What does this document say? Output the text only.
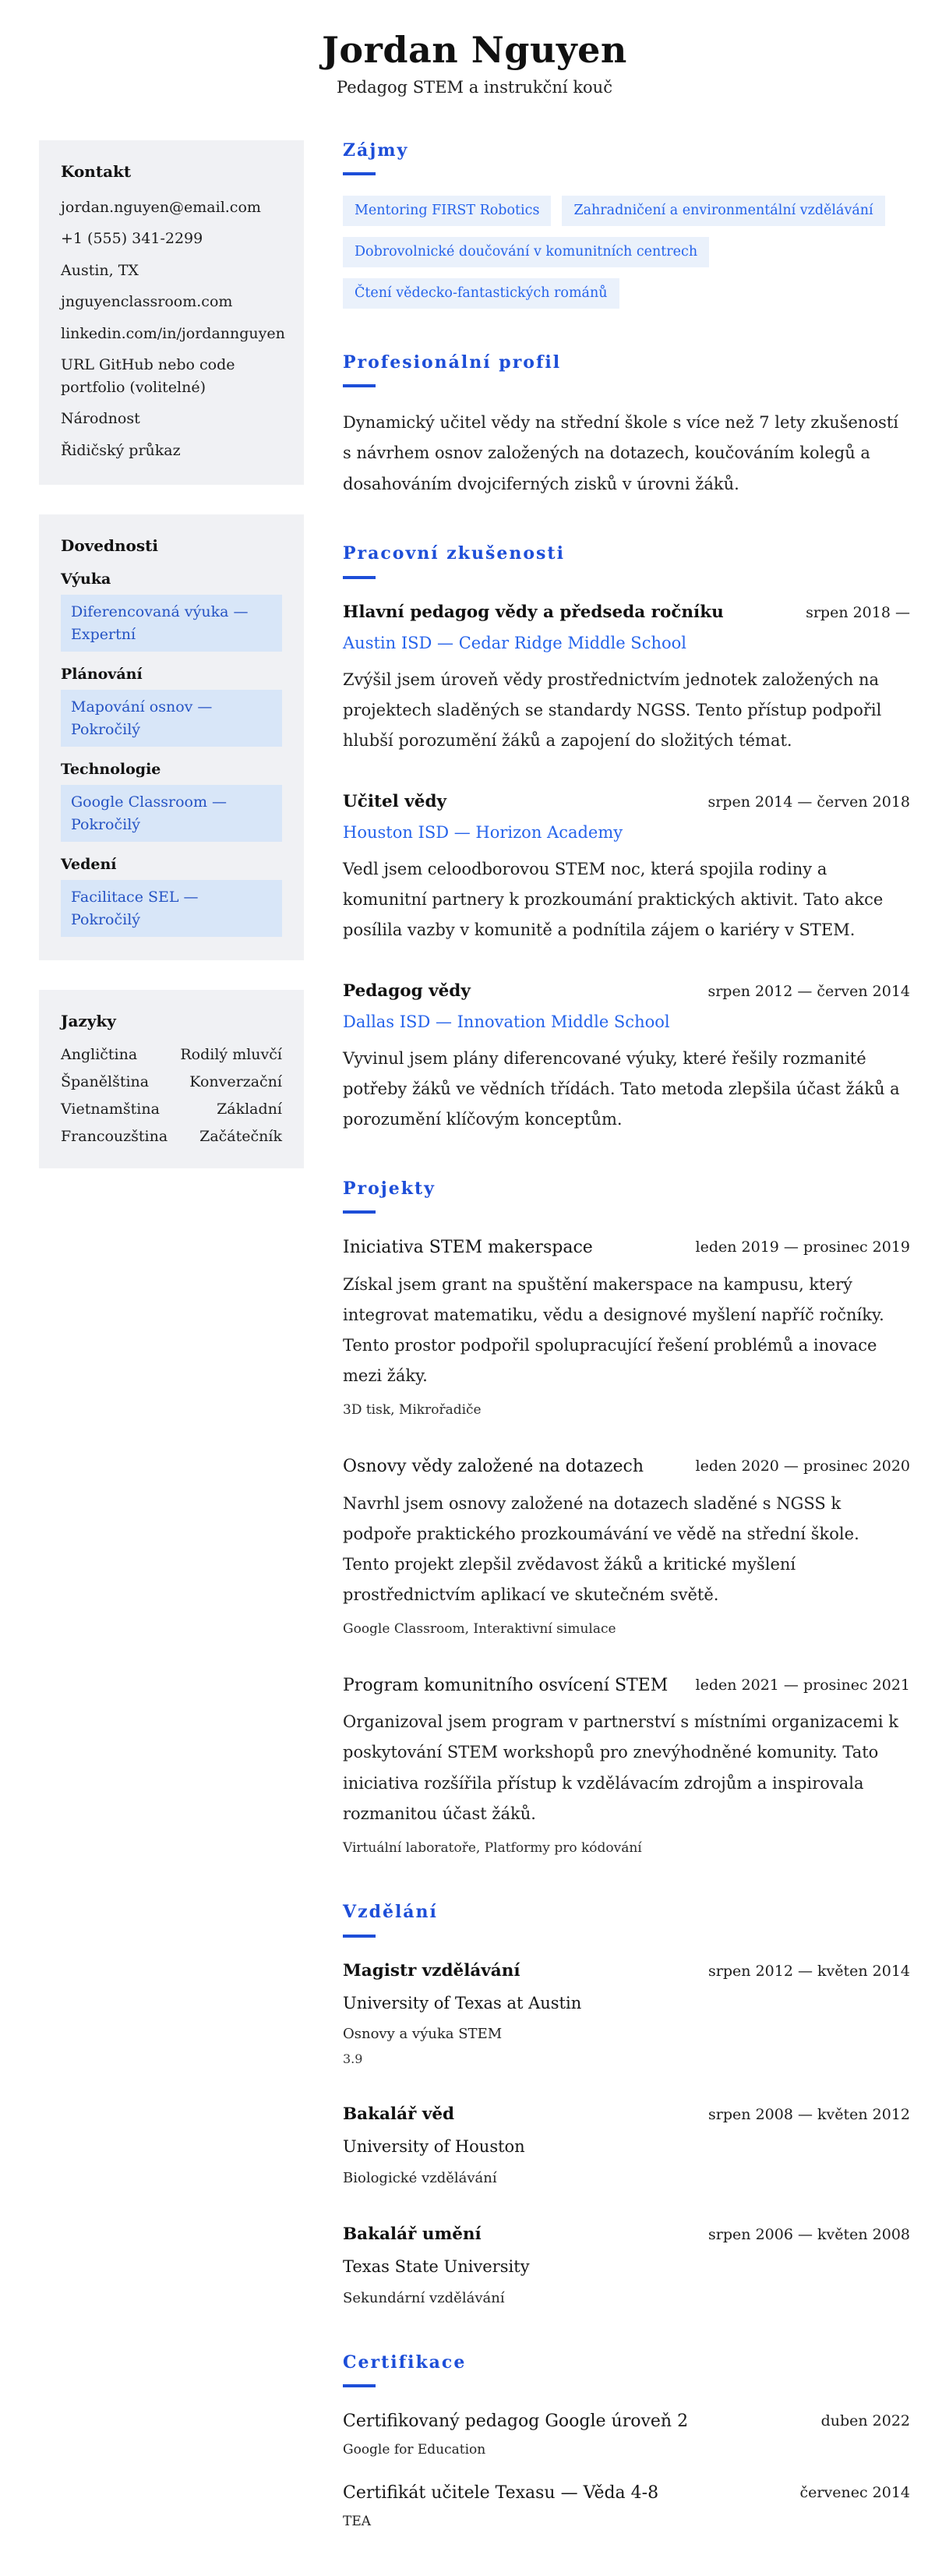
Jordan Nguyen
Pedagog STEM a instrukční kouč
Kontakt
jordan.nguyen@email.com
+1 (555) 341-2299
Austin, TX
jnguyenclassroom.com
linkedin.com/in/jordannguyen
URL GitHub nebo code portfolio (volitelné)
Národnost
Řidičský průkaz
Dovednosti
Výuka
Diferencovaná výuka — Expertní
Plánování
Mapování osnov — Pokročilý
Technologie
Google Classroom — Pokročilý
Vedení
Facilitace SEL — Pokročilý
Jazyky
Angličtina	Rodilý mluvčí
Španělština	Konverzační
Vietnamština	Základní
Francouzština Začátečník
Zájmy
Mentoring FIRST Robotics	Zahradničení a environmentální vzdělávání
Dobrovolnické doučování v komunitních centrech
Čtení vědecko-fantastických románů
Profesionální profil

Dynamický učitel vědy na střední škole s více než 7 lety zkušeností s návrhem osnov založených na dotazech, koučováním kolegů a dosahováním dvojciferných zisků v úrovni žáků.

Pracovní zkušenosti
Hlavní pedagog vědy a předseda ročníku	srpen 2018 —
Austin ISD — Cedar Ridge Middle School
Zvýšil jsem úroveň vědy prostřednictvím jednotek založených na projektech sladěných se standardy NGSS. Tento přístup podpořil hlubší porozumění žáků a zapojení do složitých témat.
Učitel vědy	srpen 2014 — červen 2018
Houston ISD — Horizon Academy
Vedl jsem celoodborovou STEM noc, která spojila rodiny a komunitní partnery k prozkoumání praktických aktivit. Tato akce posílila vazby v komunitě a podnítila zájem o kariéry v STEM.
Pedagog vědy	srpen 2012 — červen 2014
Dallas ISD — Innovation Middle School
Vyvinul jsem plány diferencované výuky, které řešily rozmanité potřeby žáků ve vědních třídách. Tato metoda zlepšila účast žáků a porozumění klíčovým konceptům.
Projekty
Iniciativa STEM makerspace	leden 2019 — prosinec 2019
Získal jsem grant na spuštění makerspace na kampusu, který integrovat matematiku, vědu a designové myšlení napříč ročníky. Tento prostor podpořil spolupracující řešení problémů a inovace mezi žáky.
3D tisk, Mikrořadiče
Osnovy vědy založené na dotazech	leden 2020 — prosinec 2020
Navrhl jsem osnovy založené na dotazech sladěné s NGSS k podpoře praktického prozkoumávání ve vědě na střední škole. Tento projekt zlepšil zvědavost žáků a kritické myšlení prostřednictvím aplikací ve skutečném světě.
Google Classroom, Interaktivní simulace
Program komunitního osvícení STEM leden 2021 — prosinec 2021
Organizoval jsem program v partnerství s místními organizacemi k poskytování STEM workshopů pro znevýhodněné komunity. Tato iniciativa rozšířila přístup k vzdělávacím zdrojům a inspirovala rozmanitou účast žáků.
Virtuální laboratoře, Platformy pro kódování
Vzdělání
Magistr vzdělávání	srpen 2012 — květen 2014
University of Texas at Austin
Osnovy a výuka STEM
3.9
Bakalář věd	srpen 2008 — květen 2012
University of Houston
Biologické vzdělávání
Bakalář umění	srpen 2006 — květen 2008
Texas State University
Sekundární vzdělávání
Certifikace
Certifikovaný pedagog Google úroveň 2	duben 2022
Google for Education
Certifikát učitele Texasu — Věda 4-8	červenec 2014
TEA
